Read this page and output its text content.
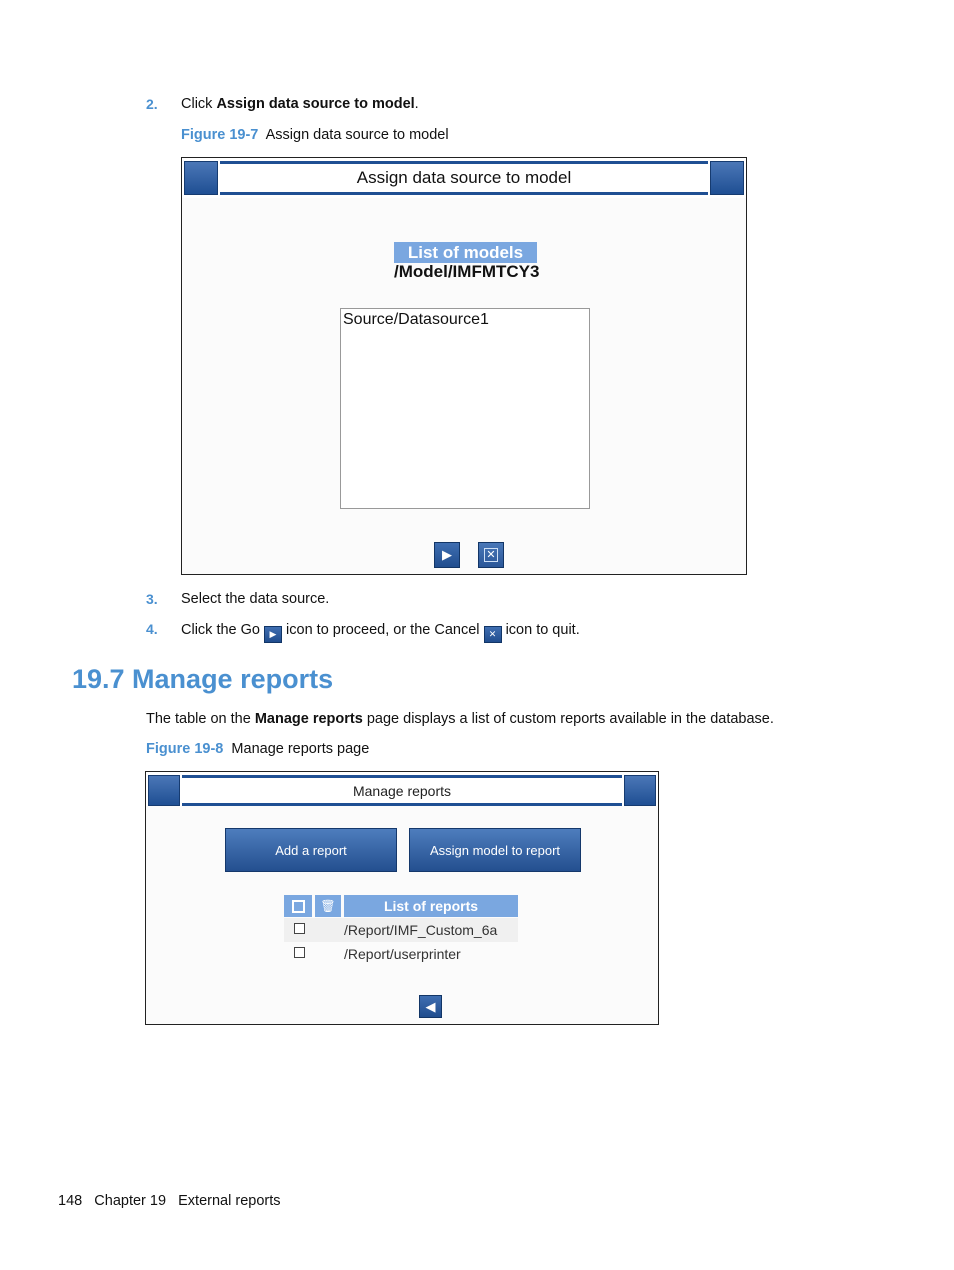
2. Click Assign data source to model.
Figure 19-7 Assign data source to model
Assign data source to model
List of models
/Model/IMFMTCY3
Source/Datasource1
▶	✕
3. Select the data source.
4. Click the Go ▶ icon to proceed, or the Cancel ✕ icon to quit.
19.7 Manage reports
The table on the Manage reports page displays a list of custom reports available in the database.
Figure 19-8 Manage reports page
Manage reports
Add a report	Assign model to report
🗑	List of reports
/Report/IMF_Custom_6a
/Report/userprinter
◀
148 Chapter 19 External reports
